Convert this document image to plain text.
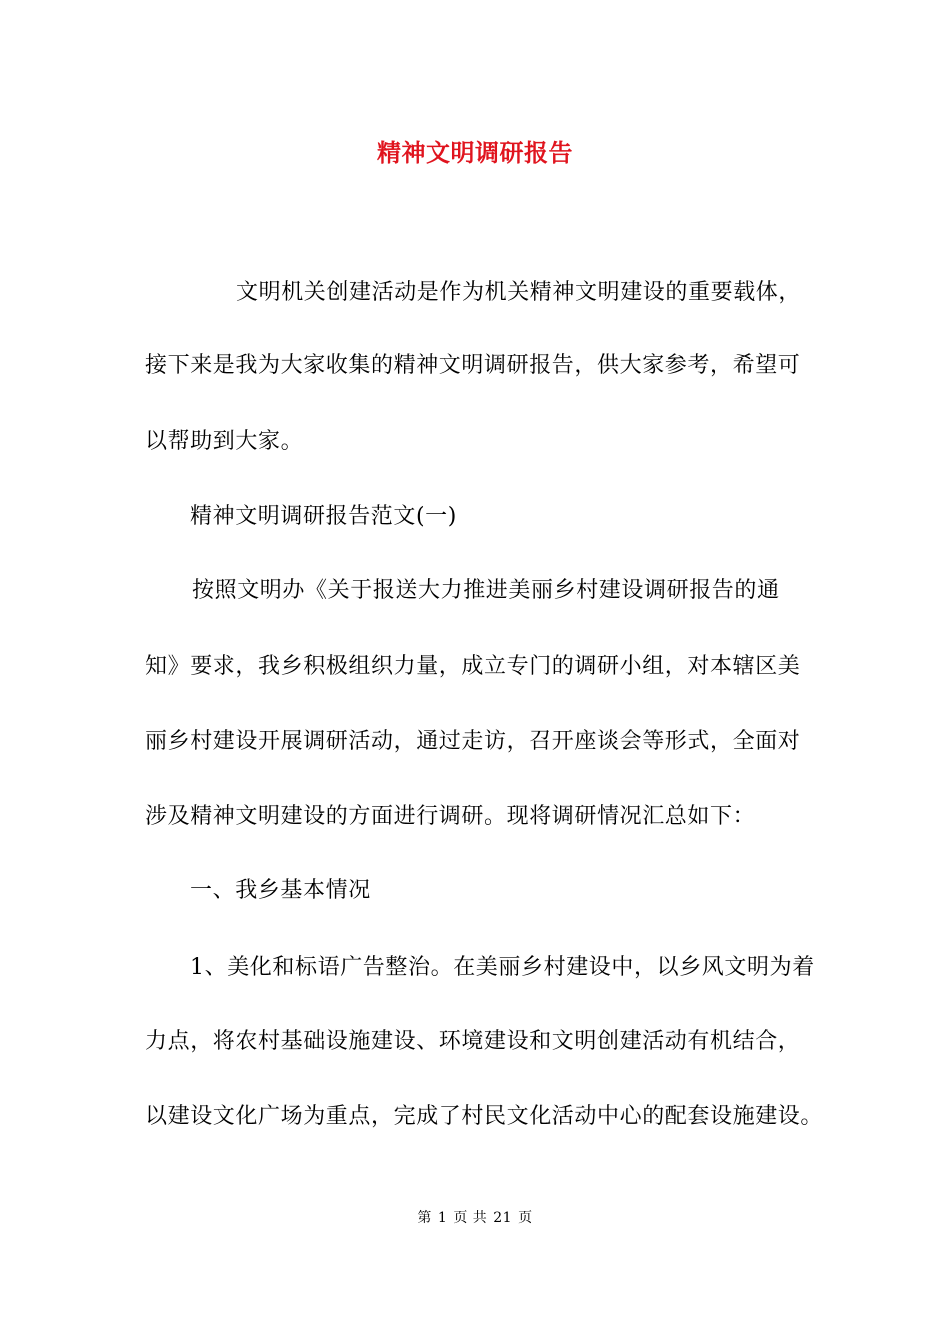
精神文明调研报告
文明机关创建活动是作为机关精神文明建设的重要载体，
接下来是我为大家收集的精神文明调研报告，供大家参考，希望可
以帮助到大家。
精神文明调研报告范文(一)
按照文明办《关于报送大力推进美丽乡村建设调研报告的通
知》要求，我乡积极组织力量，成立专门的调研小组，对本辖区美
丽乡村建设开展调研活动，通过走访，召开座谈会等形式，全面对
涉及精神文明建设的方面进行调研。现将调研情况汇总如下：
一、我乡基本情况
1、美化和标语广告整治。在美丽乡村建设中，以乡风文明为着
力点，将农村基础设施建设、环境建设和文明创建活动有机结合，
以建设文化广场为重点，完成了村民文化活动中心的配套设施建设。
第 1 页 共 21 页
